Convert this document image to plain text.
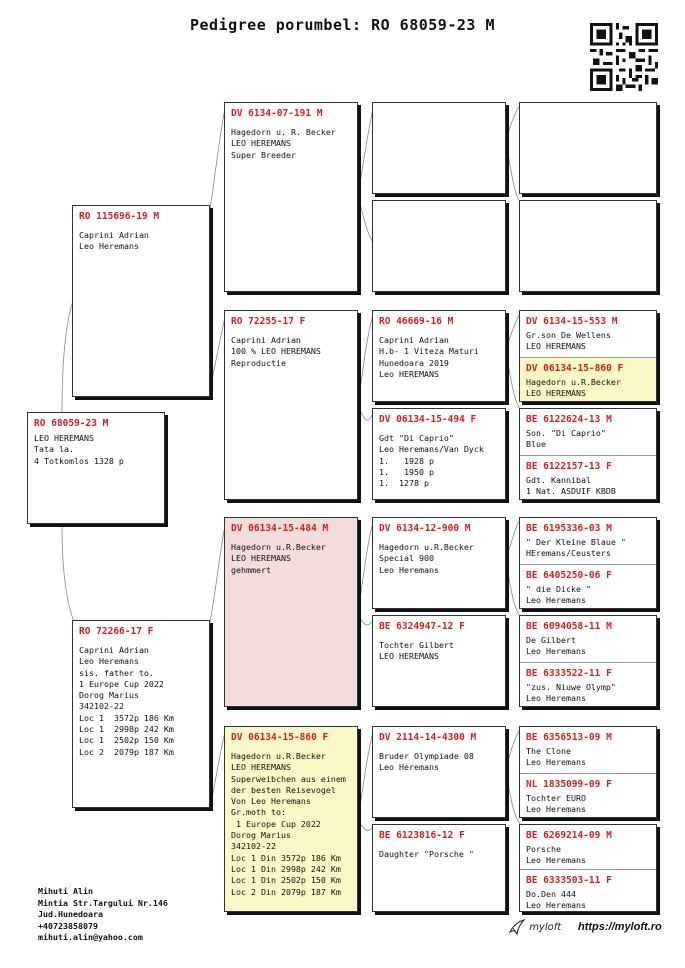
Pedigree porumbel: RO 68059-23 M
RO 68059-23 M
LEO HEREMANS
Tata la.
4 Totkomlos 1328 p
RO 115696-19 M
Caprini Adrian
Leo Heremans
RO 72266-17 F
Caprini Adrian
Leo Heremans
sis. father to.
1 Europe Cup 2022
Dorog Marius
342102-22
Loc 1  3572p 186 Km
Loc 1  2998p 242 Km
Loc 1  2502p 150 Km
Loc 2  2079p 187 Km
DV 6134-07-191 M
Hagedorn u. R. Becker
LEO HEREMANS
Super Breeder
RO 72255-17 F
Caprini Adrian
100 % LEO HEREMANS
Reproductie
DV 06134-15-484 M
Hagedorn u.R.Becker
LEO HEREMANS
gehmmert
DV 06134-15-860 F
Hagedorn u.R.Becker
LEO HEREMANS
Superweibchen aus einem
der besten Reisevogel
Von Leo Heremans
Gr.moth to:
1 Europe Cup 2022
Dorog Marius
342102-22
Loc 1 Din 3572p 186 Km
Loc 1 Din 2998p 242 Km
Loc 1 Din 2502p 150 Km
Loc 2 Din 2079p 187 Km
RO 46669-16 M
Caprini Adrian
H.b- 1 Viteza Maturi
Hunedoara 2019
Leo HEREMANS
DV 06134-15-494 F
Gdt "Di Caprio"
Leo Heremans/Van Dyck
1.   1928 p
1.   1950 p
1.  1278 p
DV 6134-12-900 M
Hagedorn u.R.Becker
Special 900
Leo Heremans
BE 6324947-12 F
Tochter Gilbert
LEO HEREMANS
DV 2114-14-4300 M
Bruder Olympiade 08
Leo Heremans
BE 6123816-12 F
Daughter "Porsche "
DV 6134-15-553 M
Gr.son De Wellens
LEO HEREMANS
DV 06134-15-860 F
Hagedorn u.R.Becker
LEO HEREMANS
BE 6122624-13 M
Son. "Di Caprio"
Blue
BE 6122157-13 F
Gdt. Kannibal
1 Nat. ASDUIF KBDB
BE 6195336-03 M
" Der Kleine Blaue "
HEremans/Ceusters
BE 6405250-06 F
" die Dicke "
Leo Heremans
BE 6094058-11 M
De Gilbert
Leo Heremans
BE 6333522-11 F
"zus. Niuwe Olymp"
Leo Heremans
BE 6356513-09 M
The Clone
Leo Heremans
NL 1835099-09 F
Tochter EURO
Leo Heremans
BE 6269214-09 M
Porsche
Leo Heremans
BE 6333503-11 F
Do.Den 444
Leo Heremans
Mihuti Alin
Mintia Str.Targului Nr.146
Jud.Hunedoara
+40723858079
mihuti.alin@yahoo.com
myloft https://myloft.ro
